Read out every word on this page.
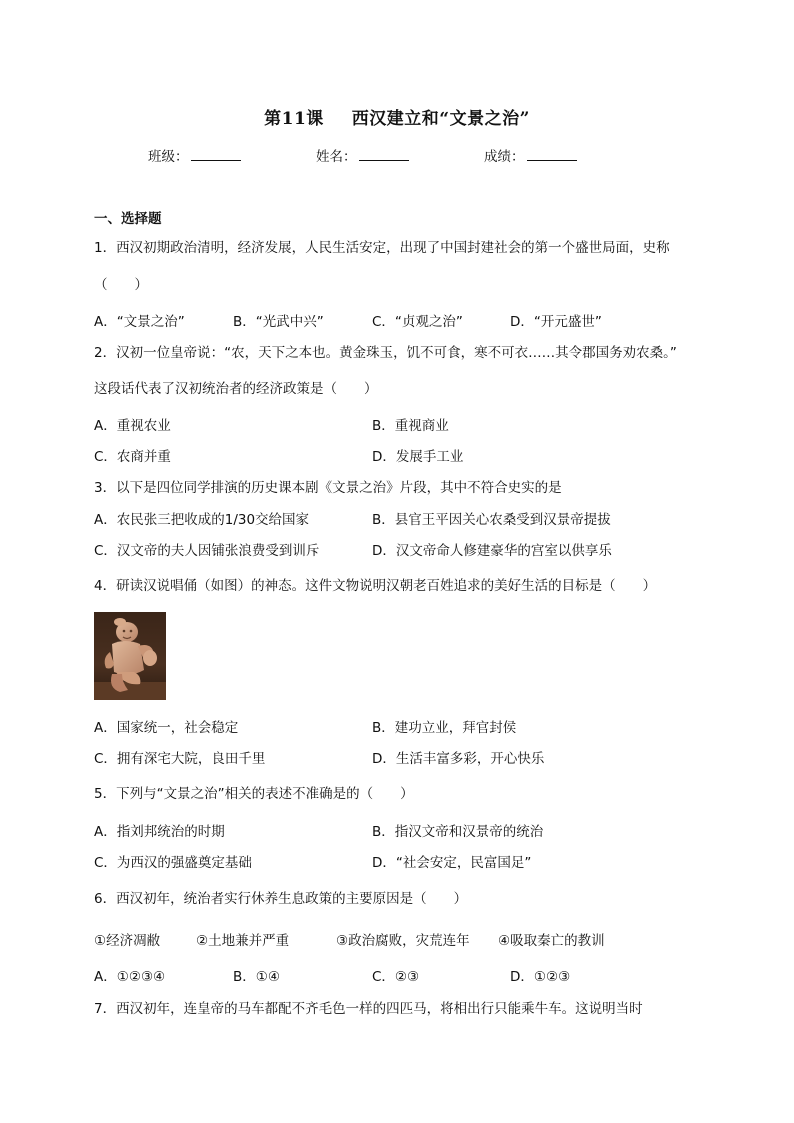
第11课 西汉建立和“文景之治”
班级：	姓名：	成绩：
一、选择题
1．西汉初期政治清明，经济发展，人民生活安定，出现了中国封建社会的第一个盛世局面，史称
（　　）
A．“文景之治”	B．“光武中兴”	C．“贞观之治”	D．“开元盛世”
2．汉初一位皇帝说：“农，天下之本也。黄金珠玉，饥不可食，寒不可衣……其令郡国务劝农桑。”
这段话代表了汉初统治者的经济政策是（　　）
A．重视农业	B．重视商业
C．农商并重	D．发展手工业
3．以下是四位同学排演的历史课本剧《文景之治》片段，其中不符合史实的是
A．农民张三把收成的1/30交给国家	B．县官王平因关心农桑受到汉景帝提拔
C．汉文帝的夫人因铺张浪费受到训斥	D．汉文帝命人修建豪华的宫室以供享乐
4．研读汉说唱俑（如图）的神态。这件文物说明汉朝老百姓追求的美好生活的目标是（　　）
A．国家统一，社会稳定	B．建功立业，拜官封侯
C．拥有深宅大院，良田千里	D．生活丰富多彩，开心快乐
5．下列与“文景之治”相关的表述不准确是的（　　）
A．指刘邦统治的时期	B．指汉文帝和汉景帝的统治
C．为西汉的强盛奠定基础	D．“社会安定，民富国足”
6．西汉初年，统治者实行休养生息政策的主要原因是（　　）
①经济凋敝	②土地兼并严重	③政治腐败，灾荒连年 ④吸取秦亡的教训
A．①②③④	B．①④	C．②③	D．①②③
7．西汉初年，连皇帝的马车都配不齐毛色一样的四匹马，将相出行只能乘牛车。这说明当时
